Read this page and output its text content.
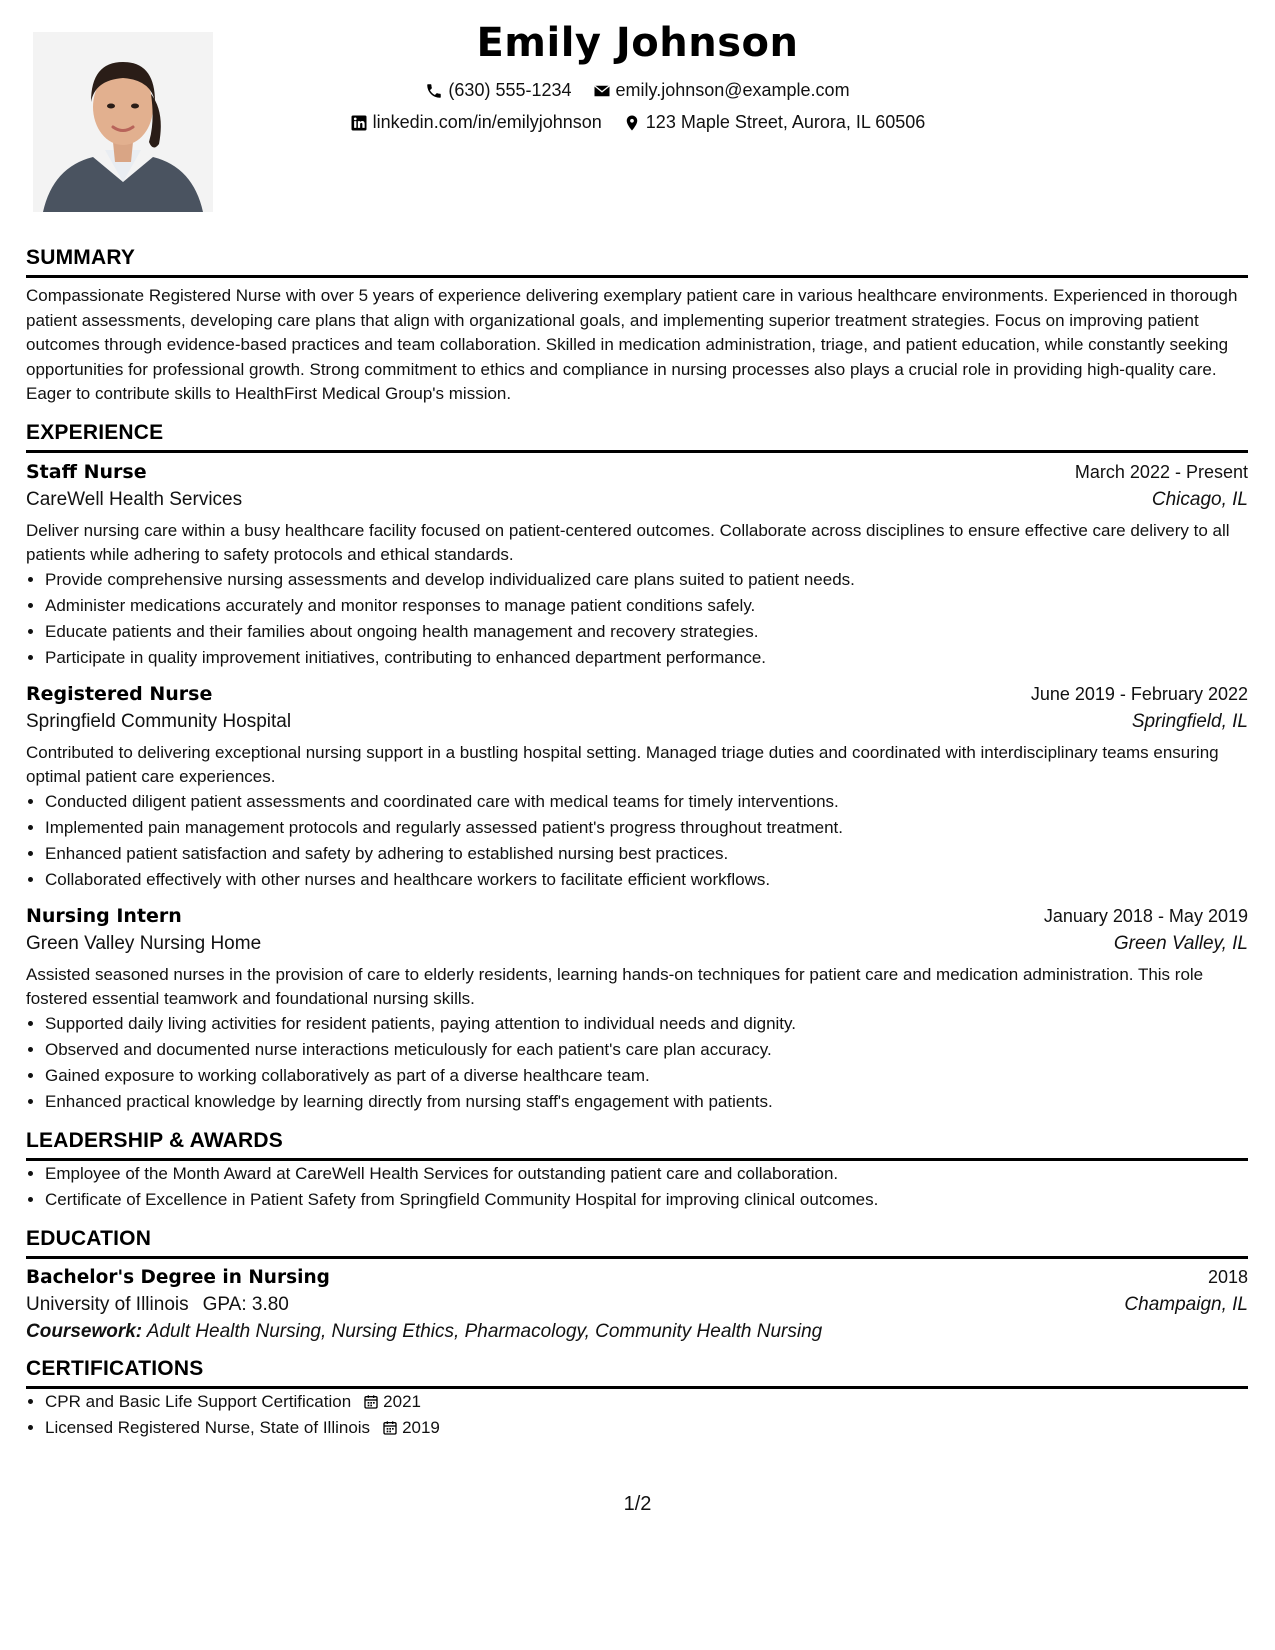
Emily Johnson
(630) 555-1234
emily.johnson@example.com
linkedin.com/in/emilyjohnson
123 Maple Street, Aurora, IL 60506
SUMMARY

Compassionate Registered Nurse with over 5 years of experience delivering exemplary patient care in various healthcare environments. Experienced in thorough patient assessments, developing care plans that align with organizational goals, and implementing superior treatment strategies. Focus on improving patient outcomes through evidence-based practices and team collaboration. Skilled in medication administration, triage, and patient education, while constantly seeking opportunities for professional growth. Strong commitment to ethics and compliance in nursing processes also plays a crucial role in providing high-quality care. Eager to contribute skills to HealthFirst Medical Group's mission.

EXPERIENCE
Staff Nurse	March 2022 - Present
CareWell Health Services	Chicago, IL

Deliver nursing care within a busy healthcare facility focused on patient-centered outcomes. Collaborate across disciplines to ensure effective care delivery to all patients while adhering to safety protocols and ethical standards.

• Provide comprehensive nursing assessments and develop individualized care plans suited to patient needs.
• Administer medications accurately and monitor responses to manage patient conditions safely.
• Educate patients and their families about ongoing health management and recovery strategies.
• Participate in quality improvement initiatives, contributing to enhanced department performance.
Registered Nurse	June 2019 - February 2022
Springfield Community Hospital	Springfield, IL

Contributed to delivering exceptional nursing support in a bustling hospital setting. Managed triage duties and coordinated with interdisciplinary teams ensuring optimal patient care experiences.

• Conducted diligent patient assessments and coordinated care with medical teams for timely interventions.
• Implemented pain management protocols and regularly assessed patient's progress throughout treatment.
• Enhanced patient satisfaction and safety by adhering to established nursing best practices.
• Collaborated effectively with other nurses and healthcare workers to facilitate efficient workflows.
Nursing Intern	January 2018 - May 2019
Green Valley Nursing Home	Green Valley, IL

Assisted seasoned nurses in the provision of care to elderly residents, learning hands-on techniques for patient care and medication administration. This role fostered essential teamwork and foundational nursing skills.

• Supported daily living activities for resident patients, paying attention to individual needs and dignity.
• Observed and documented nurse interactions meticulously for each patient's care plan accuracy.
• Gained exposure to working collaboratively as part of a diverse healthcare team.
• Enhanced practical knowledge by learning directly from nursing staff's engagement with patients.
LEADERSHIP & AWARDS
• Employee of the Month Award at CareWell Health Services for outstanding patient care and collaboration.
• Certificate of Excellence in Patient Safety from Springfield Community Hospital for improving clinical outcomes.
EDUCATION
Bachelor's Degree in Nursing	2018
University of Illinois GPA: 3.80	Champaign, IL
Coursework: Adult Health Nursing, Nursing Ethics, Pharmacology, Community Health Nursing
CERTIFICATIONS
• CPR and Basic Life Support Certification 2021
• Licensed Registered Nurse, State of Illinois 2019
1/2
